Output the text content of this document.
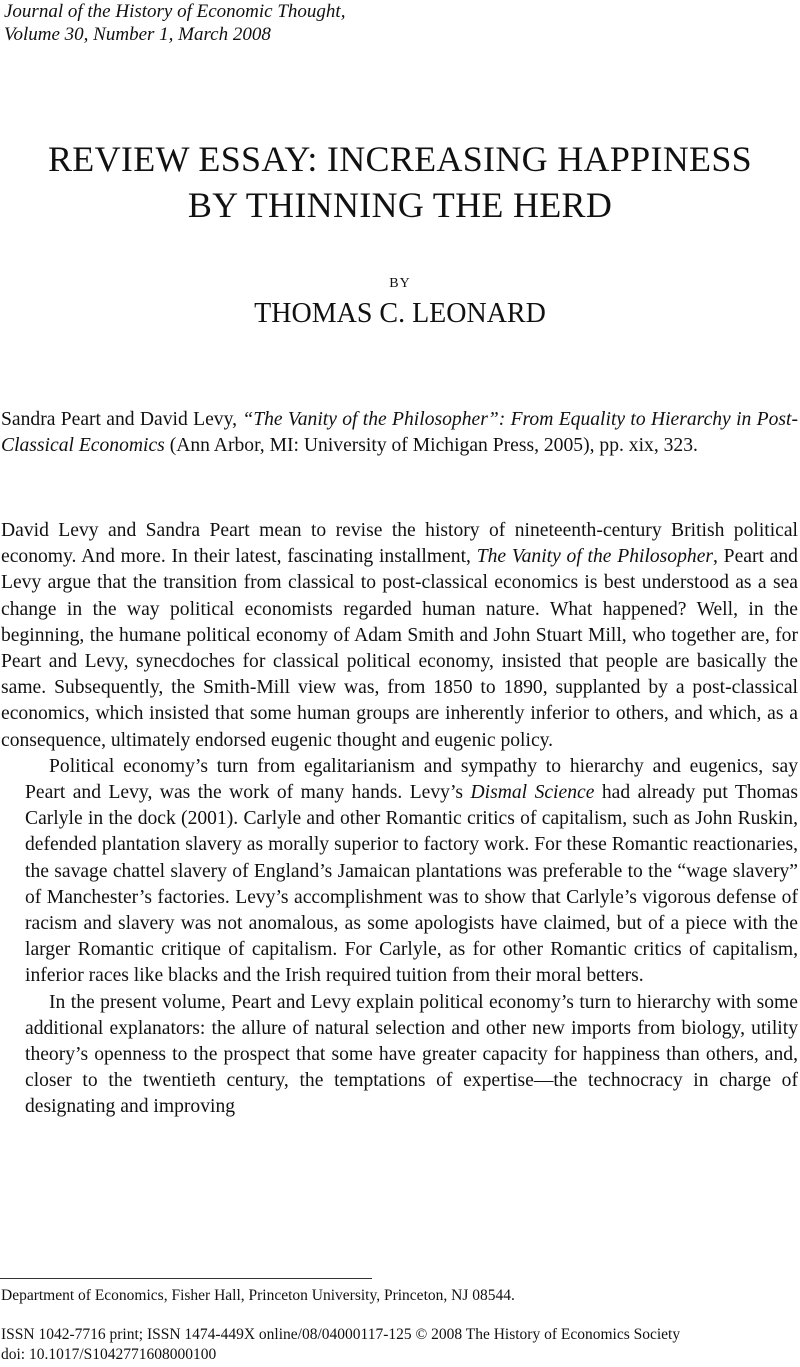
Journal of the History of Economic Thought,
Volume 30, Number 1, March 2008
REVIEW ESSAY: INCREASING HAPPINESS
BY THINNING THE HERD
BY
THOMAS C. LEONARD
Sandra Peart and David Levy, “The Vanity of the Philosopher”: From Equality to Hierarchy in Post-Classical Economics (Ann Arbor, MI: University of Michigan Press, 2005), pp. xix, 323.

David Levy and Sandra Peart mean to revise the history of nineteenth-century British political economy. And more. In their latest, fascinating installment, The Vanity of the Philosopher, Peart and Levy argue that the transition from classical to post-classical economics is best understood as a sea change in the way political economists regarded human nature. What happened? Well, in the beginning, the humane political economy of Adam Smith and John Stuart Mill, who together are, for Peart and Levy, synecdoches for classical political economy, insisted that people are basically the same. Subsequently, the Smith-Mill view was, from 1850 to 1890, supplanted by a post-classical economics, which insisted that some human groups are inherently inferior to others, and which, as a consequence, ultimately endorsed eugenic thought and eugenic policy.

Political economy’s turn from egalitarianism and sympathy to hierarchy and eugenics, say Peart and Levy, was the work of many hands. Levy’s Dismal Science had already put Thomas Carlyle in the dock (2001). Carlyle and other Romantic critics of capitalism, such as John Ruskin, defended plantation slavery as morally superior to factory work. For these Romantic reactionaries, the savage chattel slavery of England’s Jamaican plantations was preferable to the “wage slavery” of Manchester’s factories. Levy’s accomplishment was to show that Carlyle’s vigorous defense of racism and slavery was not anomalous, as some apologists have claimed, but of a piece with the larger Romantic critique of capitalism. For Carlyle, as for other Romantic critics of capitalism, inferior races like blacks and the Irish required tuition from their moral betters.

In the present volume, Peart and Levy explain political economy’s turn to hierarchy with some additional explanators: the allure of natural selection and other new imports from biology, utility theory’s openness to the prospect that some have greater capacity for happiness than others, and, closer to the twentieth century, the temptations of expertise—the technocracy in charge of designating and improving

Department of Economics, Fisher Hall, Princeton University, Princeton, NJ 08544.
ISSN 1042-7716 print; ISSN 1474-449X online/08/04000117-125 © 2008 The History of Economics Society
doi: 10.1017/S1042771608000100
